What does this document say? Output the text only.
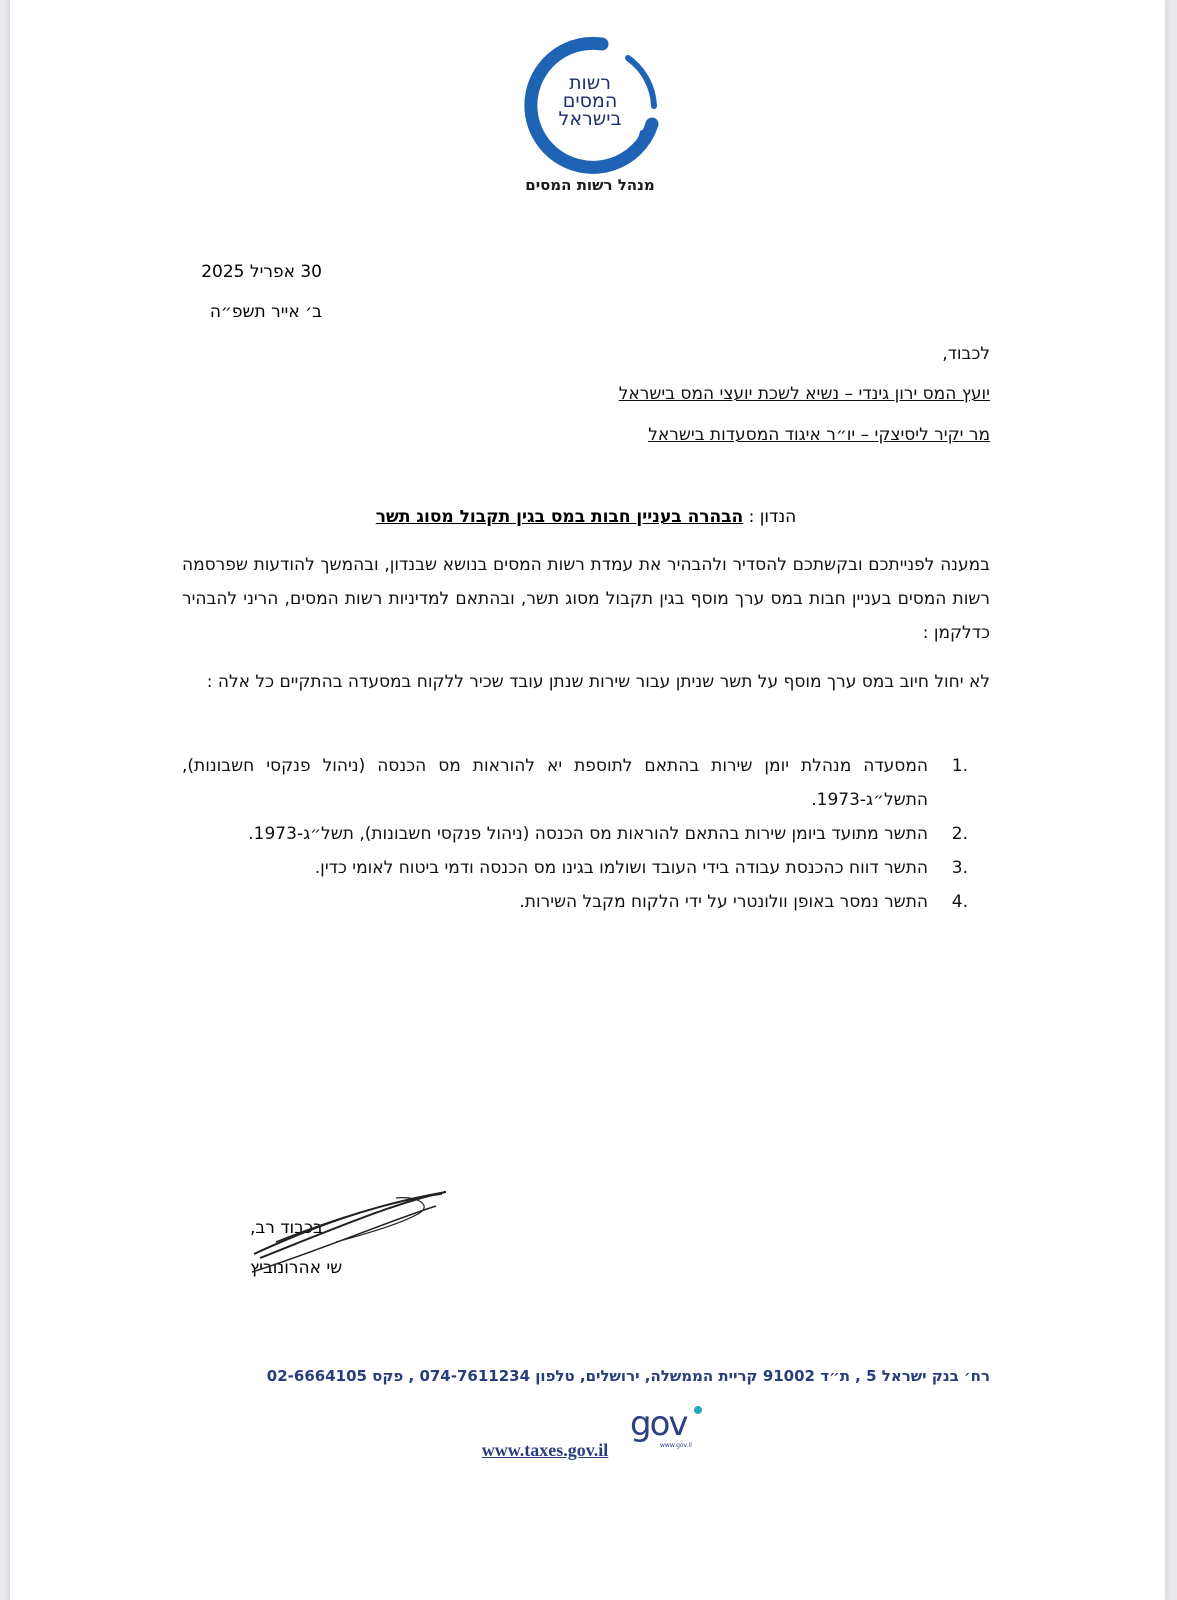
רשות
המסים
בישראל
מנהל רשות המסים
30 אפריל 2025
ב׳ אייר תשפ״ה
לכבוד,
יועץ המס ירון גינדי – נשיא לשכת יועצי המס בישראל
מר יקיר ליסיצקי – יו״ר איגוד המסעדות בישראל
הנדון : הבהרה בעניין חבות במס בגין תקבול מסוג תשר
במענה לפנייתכם ובקשתכם להסדיר ולהבהיר את עמדת רשות המסים בנושא שבנדון, ובהמשך להודעות שפרסמה רשות המסים בעניין חבות במס ערך מוסף בגין תקבול מסוג תשר, ובהתאם למדיניות רשות המסים, הריני להבהיר כדלקמן :
לא יחול חיוב במס ערך מוסף על תשר שניתן עבור שירות שנתן עובד שכיר ללקוח במסעדה בהתקיים כל אלה :
1.
המסעדה מנהלת יומן שירות בהתאם לתוספת יא להוראות מס הכנסה (ניהול פנקסי חשבונות), התשל״ג-1973.
2.
התשר מתועד ביומן שירות בהתאם להוראות מס הכנסה (ניהול פנקסי חשבונות), תשל״ג-1973.
3.
התשר דווח כהכנסת עבודה בידי העובד ושולמו בגינו מס הכנסה ודמי ביטוח לאומי כדין.
4.
התשר נמסר באופן וולונטרי על ידי הלקוח מקבל השירות.
בכבוד רב,
שי אהרונוביץ
רח׳ בנק ישראל 5 , ת״ד 91002 קריית הממשלה, ירושלים, טלפון 074-7611234 , פקס 02-6664105
www.taxes.gov.il
gov
www.gov.il
